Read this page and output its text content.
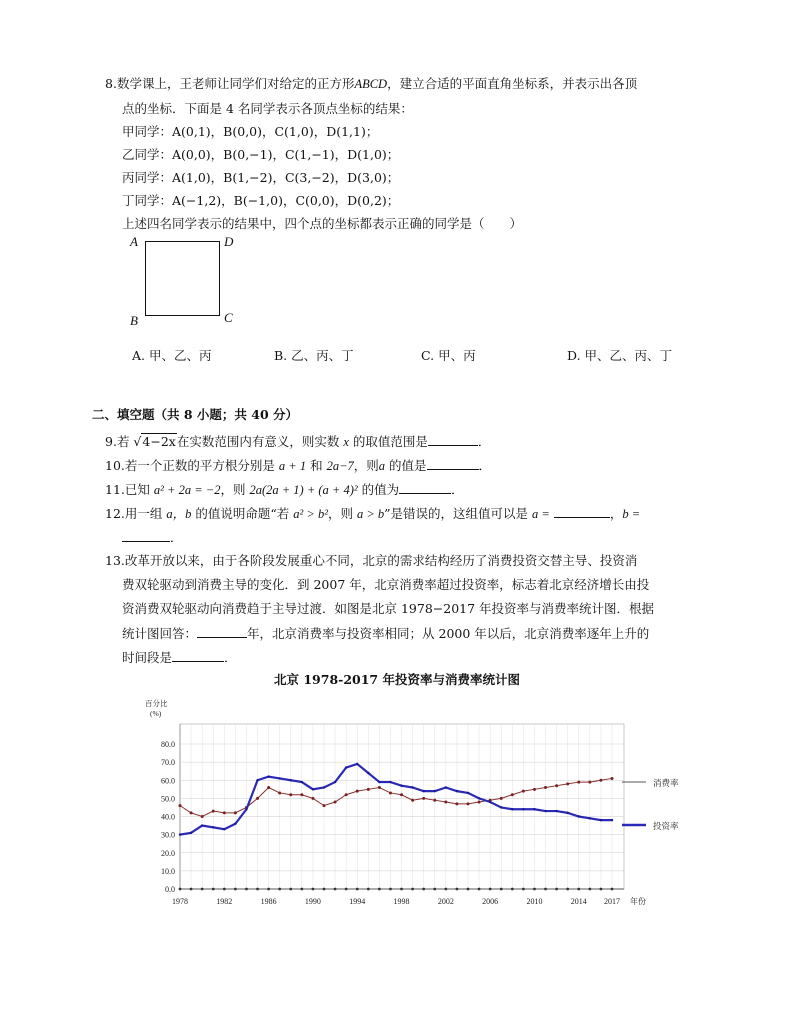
8.数学课上，王老师让同学们对给定的正方形ABCD，建立合适的平面直角坐标系，并表示出各顶
点的坐标．下面是 4 名同学表示各顶点坐标的结果：
甲同学：A(0,1)，B(0,0)，C(1,0)，D(1,1)；
乙同学：A(0,0)，B(0,−1)，C(1,−1)，D(1,0)；
丙同学：A(1,0)，B(1,−2)，C(3,−2)，D(3,0)；
丁同学：A(−1,2)，B(−1,0)，C(0,0)，D(0,2)；
上述四名同学表示的结果中，四个点的坐标都表示正确的同学是（　　）
A	D
B	C
A. 甲、乙、丙	B. 乙、丙、丁	C. 甲、丙	D. 甲、乙、丙、丁
二、填空题（共 8 小题；共 40 分）
9.若 √4−2x在实数范围内有意义，则实数 x 的取值范围是	．
10.若一个正数的平方根分别是 a + 1 和 2a−7，则a 的值是	．
11.已知 a² + 2a = −2，则 2a(2a + 1) + (a + 4)² 的值为	．
12.用一组 a，b 的值说明命题“若 a² > b²，则 a > b”是错误的，这组值可以是 a =	，b =
．
13.改革开放以来，由于各阶段发展重心不同，北京的需求结构经历了消费投资交替主导、投资消
费双轮驱动到消费主导的变化．到 2007 年，北京消费率超过投资率，标志着北京经济增长由投
资消费双轮驱动向消费趋于主导过渡．如图是北京 1978−2017 年投资率与消费率统计图．根据
统计图回答：	年，北京消费率与投资率相同；从 2000 年以后，北京消费率逐年上升的
时间段是	．
北京 1978-2017 年投资率与消费率统计图
0.0
10.0
20.0
30.0
40.0
50.0
60.0
70.0
80.0
百分比
(%)
1978	1982	1986	1990	1994	1998	2002	2006	2010	2014 2017 年份
消费率
投资率
